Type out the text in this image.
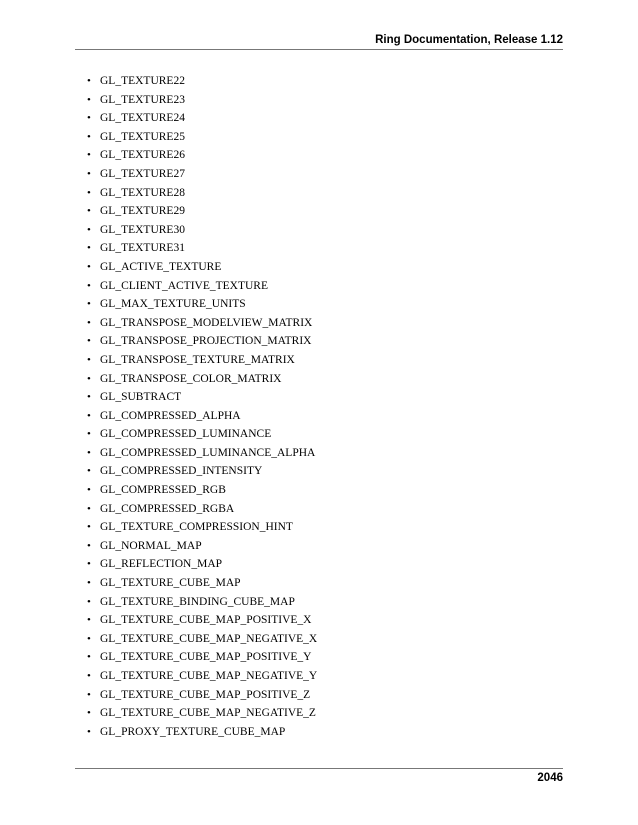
Ring Documentation, Release 1.12
• GL_TEXTURE22
• GL_TEXTURE23
• GL_TEXTURE24
• GL_TEXTURE25
• GL_TEXTURE26
• GL_TEXTURE27
• GL_TEXTURE28
• GL_TEXTURE29
• GL_TEXTURE30
• GL_TEXTURE31
• GL_ACTIVE_TEXTURE
• GL_CLIENT_ACTIVE_TEXTURE
• GL_MAX_TEXTURE_UNITS
• GL_TRANSPOSE_MODELVIEW_MATRIX
• GL_TRANSPOSE_PROJECTION_MATRIX
• GL_TRANSPOSE_TEXTURE_MATRIX
• GL_TRANSPOSE_COLOR_MATRIX
• GL_SUBTRACT
• GL_COMPRESSED_ALPHA
• GL_COMPRESSED_LUMINANCE
• GL_COMPRESSED_LUMINANCE_ALPHA
• GL_COMPRESSED_INTENSITY
• GL_COMPRESSED_RGB
• GL_COMPRESSED_RGBA
• GL_TEXTURE_COMPRESSION_HINT
• GL_NORMAL_MAP
• GL_REFLECTION_MAP
• GL_TEXTURE_CUBE_MAP
• GL_TEXTURE_BINDING_CUBE_MAP
• GL_TEXTURE_CUBE_MAP_POSITIVE_X
• GL_TEXTURE_CUBE_MAP_NEGATIVE_X
• GL_TEXTURE_CUBE_MAP_POSITIVE_Y
• GL_TEXTURE_CUBE_MAP_NEGATIVE_Y
• GL_TEXTURE_CUBE_MAP_POSITIVE_Z
• GL_TEXTURE_CUBE_MAP_NEGATIVE_Z
• GL_PROXY_TEXTURE_CUBE_MAP
2046
